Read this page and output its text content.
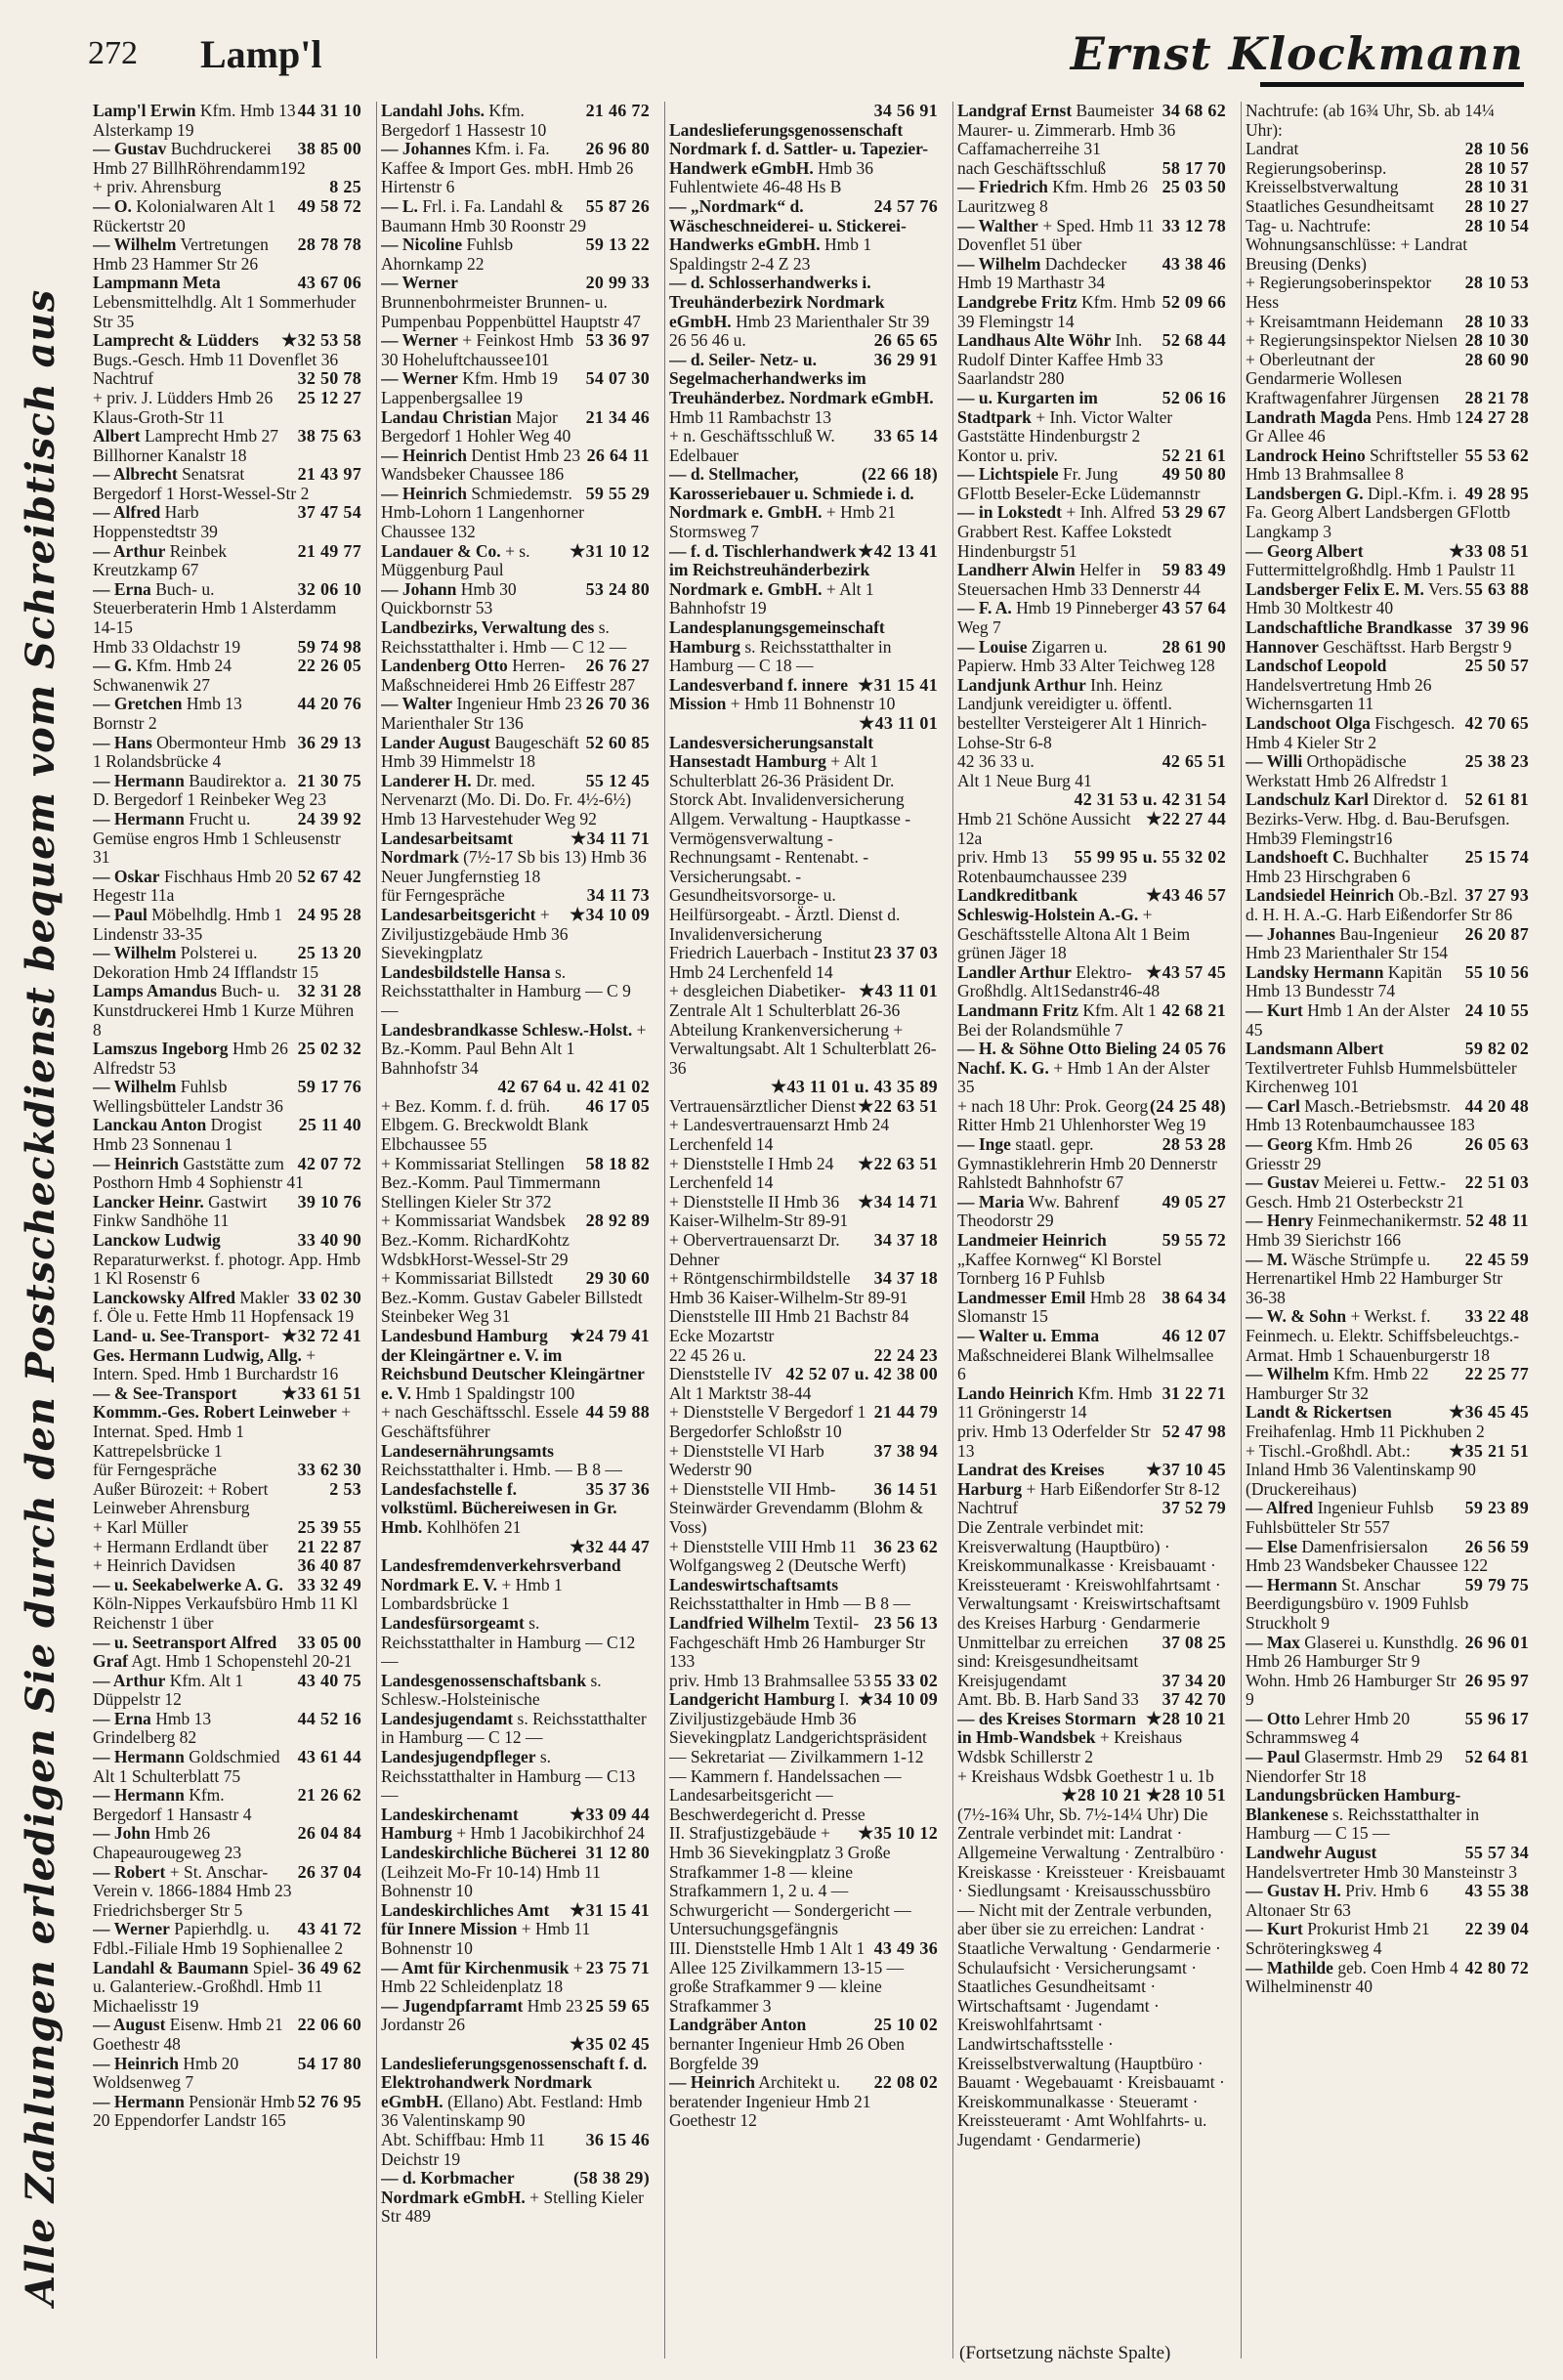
272 Lamp'l	Ernst Klockmann
Alle Zahlungen erledigen Sie durch den Postscheckdienst bequem vom Schreibtisch aus
44 31 10
Lamp'l Erwin Kfm. Hmb 13 Alsterkamp 19
38 85 00
— Gustav Buchdruckerei Hmb 27 BillhRöhrendamm192
8 25
+ priv. Ahrensburg
49 58 72
— O. Kolonialwaren Alt 1 Rückertstr 20
28 78 78
— Wilhelm Vertretungen Hmb 23 Hammer Str 26
43 67 06
Lampmann Meta Lebensmittelhdlg. Alt 1 Sommerhuder Str 35
★32 53 58
Lamprecht & Lüdders Bugs.-Gesch. Hmb 11 Dovenflet 36
32 50 78
Nachtruf
25 12 27
+ priv. J. Lüdders Hmb 26 Klaus-Groth-Str 11
38 75 63
Albert Lamprecht Hmb 27 Billhorner Kanalstr 18
21 43 97
— Albrecht Senatsrat Bergedorf 1 Horst-Wessel-Str 2
37 47 54
— Alfred Harb Hoppenstedtstr 39
21 49 77
— Arthur Reinbek Kreutzkamp 67
32 06 10
— Erna Buch- u. Steuerberaterin Hmb 1 Alsterdamm 14-15
59 74 98
Hmb 33 Oldachstr 19
22 26 05
— G. Kfm. Hmb 24 Schwanenwik 27
44 20 76
— Gretchen Hmb 13 Bornstr 2
36 29 13
— Hans Obermonteur Hmb 1 Rolandsbrücke 4
21 30 75
— Hermann Baudirektor a. D. Bergedorf 1 Reinbeker Weg 23
24 39 92
— Hermann Frucht u. Gemüse engros Hmb 1 Schleusenstr 31
52 67 42
— Oskar Fischhaus Hmb 20 Hegestr 11a
24 95 28
— Paul Möbelhdlg. Hmb 1 Lindenstr 33-35
25 13 20
— Wilhelm Polsterei u. Dekoration Hmb 24 Ifflandstr 15
32 31 28
Lamps Amandus Buch- u. Kunstdruckerei Hmb 1 Kurze Mühren 8
25 02 32
Lamszus Ingeborg Hmb 26 Alfredstr 53
59 17 76
— Wilhelm Fuhlsb Wellingsbütteler Landstr 36
25 11 40
Lanckau Anton Drogist Hmb 23 Sonnenau 1
42 07 72
— Heinrich Gaststätte zum Posthorn Hmb 4 Sophienstr 41
39 10 76
Lancker Heinr. Gastwirt Finkw Sandhöhe 11
33 40 90
Lanckow Ludwig Reparaturwerkst. f. photogr. App. Hmb 1 Kl Rosenstr 6
33 02 30
Lanckowsky Alfred Makler f. Öle u. Fette Hmb 11 Hopfensack 19
★32 72 41
Land- u. See-Transport-Ges. Hermann Ludwig, Allg. + Intern. Sped. Hmb 1 Burchardstr 16
★33 61 51
— & See-Transport Kommm.-Ges. Robert Leinweber + Internat. Sped. Hmb 1 Kattrepelsbrücke 1
33 62 30
für Ferngespräche
2 53
Außer Bürozeit: + Robert Leinweber Ahrensburg
25 39 55
+ Karl Müller
21 22 87
+ Hermann Erdlandt über
36 40 87
+ Heinrich Davidsen
33 32 49
— u. Seekabelwerke A. G. Köln-Nippes Verkaufsbüro Hmb 11 Kl Reichenstr 1 über
33 05 00
— u. Seetransport Alfred Graf Agt. Hmb 1 Schopenstehl 20-21
43 40 75
— Arthur Kfm. Alt 1 Düppelstr 12
44 52 16
— Erna Hmb 13 Grindelberg 82
43 61 44
— Hermann Goldschmied Alt 1 Schulterblatt 75
21 26 62
— Hermann Kfm. Bergedorf 1 Hansastr 4
26 04 84
— John Hmb 26 Chapeaurougeweg 23
26 37 04
— Robert + St. Anschar-Verein v. 1866-1884 Hmb 23 Friedrichsberger Str 5
43 41 72
— Werner Papierhdlg. u. Fdbl.-Filiale Hmb 19 Sophienallee 2
36 49 62
Landahl & Baumann Spiel- u. Galanteriew.-Großhdl. Hmb 11 Michaelisstr 19
22 06 60
— August Eisenw. Hmb 21 Goethestr 48
54 17 80
— Heinrich Hmb 20 Woldsenweg 7
52 76 95
— Hermann Pensionär Hmb 20 Eppendorfer Landstr 165
21 46 72
Landahl Johs. Kfm. Bergedorf 1 Hassestr 10
26 96 80
— Johannes Kfm. i. Fa. Kaffee & Import Ges. mbH. Hmb 26 Hirtenstr 6
55 87 26
— L. Frl. i. Fa. Landahl & Baumann Hmb 30 Roonstr 29
59 13 22
— Nicoline Fuhlsb Ahornkamp 22
20 99 33
— Werner Brunnenbohrmeister Brunnen- u. Pumpenbau Poppenbüttel Hauptstr 47
53 36 97
— Werner + Feinkost Hmb 30 Hoheluftchaussee101
54 07 30
— Werner Kfm. Hmb 19 Lappenbergsallee 19
21 34 46
Landau Christian Major Bergedorf 1 Hohler Weg 40
26 64 11
— Heinrich Dentist Hmb 23 Wandsbeker Chaussee 186
59 55 29
— Heinrich Schmiedemstr. Hmb-Lohorn 1 Langenhorner Chaussee 132
★31 10 12
Landauer & Co. + s. Müggenburg Paul
53 24 80
— Johann Hmb 30 Quickbornstr 53
Landbezirks, Verwaltung des s. Reichsstatthalter i. Hmb — C 12 —
26 76 27
Landenberg Otto Herren-Maßschneiderei Hmb 26 Eiffestr 287
26 70 36
— Walter Ingenieur Hmb 23 Marienthaler Str 136
52 60 85
Lander August Baugeschäft Hmb 39 Himmelstr 18
55 12 45
Landerer H. Dr. med. Nervenarzt (Mo. Di. Do. Fr. 4½-6½) Hmb 13 Harvestehuder Weg 92
★34 11 71
Landesarbeitsamt Nordmark (7½-17 Sb bis 13) Hmb 36 Neuer Jungfernstieg 18
34 11 73
für Ferngespräche
★34 10 09
Landesarbeitsgericht + Ziviljustizgebäude Hmb 36 Sievekingplatz
Landesbildstelle Hansa s. Reichsstatthalter in Hamburg — C 9 —
Landesbrandkasse Schlesw.-Holst. + Bz.-Komm. Paul Behn Alt 1 Bahnhofstr 34
42 67 64 u. 42 41 02
46 17 05
+ Bez. Komm. f. d. früh. Elbgem. G. Breckwoldt Blank Elbchaussee 55
58 18 82
+ Kommissariat Stellingen Bez.-Komm. Paul Timmermann Stellingen Kieler Str 372
28 92 89
+ Kommissariat Wandsbek Bez.-Komm. RichardKohtz WdsbkHorst-Wessel-Str 29
29 30 60
+ Kommissariat Billstedt Bez.-Komm. Gustav Gabeler Billstedt Steinbeker Weg 31
★24 79 41
Landesbund Hamburg der Kleingärtner e. V. im Reichsbund Deutscher Kleingärtner e. V. Hmb 1 Spaldingstr 100
44 59 88
+ nach Geschäftsschl. Essele Geschäftsführer
Landesernährungsamts Reichsstatthalter i. Hmb. — B 8 —
35 37 36
Landesfachstelle f. volkstüml. Büchereiwesen in Gr. Hmb. Kohlhöfen 21
★32 44 47
Landesfremdenverkehrsverband Nordmark E. V. + Hmb 1 Lombardsbrücke 1
Landesfürsorgeamt s. Reichsstatthalter in Hamburg — C12 —
Landesgenossenschaftsbank s. Schlesw.-Holsteinische
Landesjugendamt s. Reichsstatthalter in Hamburg — C 12 —
Landesjugendpfleger s. Reichsstatthalter in Hamburg — C13—
★33 09 44
Landeskirchenamt Hamburg + Hmb 1 Jacobikirchhof 24
31 12 80
Landeskirchliche Bücherei (Leihzeit Mo-Fr 10-14) Hmb 11 Bohnenstr 10
★31 15 41
Landeskirchliches Amt für Innere Mission + Hmb 11 Bohnenstr 10
23 75 71
— Amt für Kirchenmusik + Hmb 22 Schleidenplatz 18
25 59 65
— Jugendpfarramt Hmb 23 Jordanstr 26
★35 02 45
Landeslieferungsgenossenschaft f. d. Elektrohandwerk Nordmark eGmbH. (Ellano) Abt. Festland: Hmb 36 Valentinskamp 90
36 15 46
Abt. Schiffbau: Hmb 11 Deichstr 19
(58 38 29)
— d. Korbmacher Nordmark eGmbH. + Stelling Kieler Str 489
34 56 91
Landeslieferungsgenossenschaft Nordmark f. d. Sattler- u. Tapezier-Handwerk eGmbH. Hmb 36 Fuhlentwiete 46-48 Hs B
24 57 76
— „Nordmark“ d. Wäscheschneiderei- u. Stickerei-Handwerks eGmbH. Hmb 1 Spaldingstr 2-4 Z 23
— d. Schlosserhandwerks i. Treuhänderbezirk Nordmark eGmbH. Hmb 23 Marienthaler Str 39
26 65 65
26 56 46 u.
36 29 91
— d. Seiler- Netz- u. Segelmacherhandwerks im Treuhänderbez. Nordmark eGmbH. Hmb 11 Rambachstr 13
33 65 14
+ n. Geschäftsschluß W. Edelbauer
(22 66 18)
— d. Stellmacher, Karosseriebauer u. Schmiede i. d. Nordmark e. GmbH. + Hmb 21 Stormsweg 7
★42 13 41
— f. d. Tischlerhandwerk im Reichstreuhänderbezirk Nordmark e. GmbH. + Alt 1 Bahnhofstr 19
Landesplanungsgemeinschaft Hamburg s. Reichsstatthalter in Hamburg — C 18 —
★31 15 41
Landesverband f. innere Mission + Hmb 11 Bohnenstr 10
★43 11 01
Landesversicherungsanstalt Hansestadt Hamburg + Alt 1 Schulterblatt 26-36 Präsident Dr. Storck Abt. Invalidenversicherung Allgem. Verwaltung - Hauptkasse - Vermögensverwaltung - Rechnungsamt - Rentenabt. - Versicherungsabt. - Gesundheitsvorsorge- u. Heilfürsorgeabt. - Ärztl. Dienst d. Invalidenversicherung
23 37 03
Friedrich Lauerbach - Institut Hmb 24 Lerchenfeld 14
★43 11 01
+ desgleichen Diabetiker-Zentrale Alt 1 Schulterblatt 26-36
Abteilung Krankenversicherung + Verwaltungsabt. Alt 1 Schulterblatt 26-36
★43 11 01 u. 43 35 89
★22 63 51
Vertrauensärztlicher Dienst + Landesvertrauensarzt Hmb 24 Lerchenfeld 14
★22 63 51
+ Dienststelle I Hmb 24 Lerchenfeld 14
★34 14 71
+ Dienststelle II Hmb 36 Kaiser-Wilhelm-Str 89-91
34 37 18
+ Obervertrauensarzt Dr. Dehner
34 37 18
+ Röntgenschirmbildstelle Hmb 36 Kaiser-Wilhelm-Str 89-91
Dienststelle III Hmb 21 Bachstr 84 Ecke Mozartstr
22 24 23
22 45 26 u.
42 52 07 u. 42 38 00
Dienststelle IV Alt 1 Marktstr 38-44
21 44 79
+ Dienststelle V Bergedorf 1 Bergedorfer Schloßstr 10
37 38 94
+ Dienststelle VI Harb Wederstr 90
36 14 51
+ Dienststelle VII Hmb-Steinwärder Grevendamm (Blohm & Voss)
36 23 62
+ Dienststelle VIII Hmb 11 Wolfgangsweg 2 (Deutsche Werft)
Landeswirtschaftsamts Reichsstatthalter in Hmb — B 8 —
23 56 13
Landfried Wilhelm Textil-Fachgeschäft Hmb 26 Hamburger Str 133
55 33 02
priv. Hmb 13 Brahmsallee 53
★34 10 09
Landgericht Hamburg I. Ziviljustizgebäude Hmb 36 Sievekingplatz Landgerichtspräsident — Sekretariat — Zivilkammern 1-12 — Kammern f. Handelssachen — Landesarbeitsgericht — Beschwerdegericht d. Presse
★35 10 12
II. Strafjustizgebäude + Hmb 36 Sievekingplatz 3 Große Strafkammer 1-8 — kleine Strafkammern 1, 2 u. 4 — Schwurgericht — Sondergericht — Untersuchungsgefängnis
43 49 36
III. Dienststelle Hmb 1 Alt 1 Allee 125 Zivilkammern 13-15 — große Strafkammer 9 — kleine Strafkammer 3
25 10 02
Landgräber Anton bernanter Ingenieur Hmb 26 Oben Borgfelde 39
22 08 02
— Heinrich Architekt u. beratender Ingenieur Hmb 21 Goethestr 12
34 68 62
Landgraf Ernst Baumeister Maurer- u. Zimmerarb. Hmb 36 Caffamacherreihe 31
58 17 70
nach Geschäftsschluß
25 03 50
— Friedrich Kfm. Hmb 26 Lauritzweg 8
33 12 78
— Walther + Sped. Hmb 11 Dovenflet 51 über
43 38 46
— Wilhelm Dachdecker Hmb 19 Marthastr 34
52 09 66
Landgrebe Fritz Kfm. Hmb 39 Flemingstr 14
52 68 44
Landhaus Alte Wöhr Inh. Rudolf Dinter Kaffee Hmb 33 Saarlandstr 280
52 06 16
— u. Kurgarten im Stadtpark + Inh. Victor Walter Gaststätte Hindenburgstr 2
52 21 61
Kontor u. priv.
49 50 80
— Lichtspiele Fr. Jung GFlottb Beseler-Ecke Lüdemannstr
53 29 67
— in Lokstedt + Inh. Alfred Grabbert Rest. Kaffee Lokstedt Hindenburgstr 51
59 83 49
Landherr Alwin Helfer in Steuersachen Hmb 33 Dennerstr 44
43 57 64
— F. A. Hmb 19 Pinneberger Weg 7
28 61 90
— Louise Zigarren u. Papierw. Hmb 33 Alter Teichweg 128
Landjunk Arthur Inh. Heinz Landjunk vereidigter u. öffentl. bestellter Versteigerer Alt 1 Hinrich-Lohse-Str 6-8
42 65 51
42 36 33 u.
Alt 1 Neue Burg 41
42 31 53 u. 42 31 54
★22 27 44
Hmb 21 Schöne Aussicht 12a
55 99 95 u. 55 32 02
priv. Hmb 13 Rotenbaumchaussee 239
★43 46 57
Landkreditbank Schleswig-Holstein A.-G. + Geschäftsstelle Altona Alt 1 Beim grünen Jäger 18
★43 57 45
Landler Arthur Elektro-Großhdlg. Alt1Sedanstr46-48
42 68 21
Landmann Fritz Kfm. Alt 1 Bei der Rolandsmühle 7
24 05 76
— H. & Söhne Otto Bieling Nachf. K. G. + Hmb 1 An der Alster 35
(24 25 48)
+ nach 18 Uhr: Prok. Georg Ritter Hmb 21 Uhlenhorster Weg 19
28 53 28
— Inge staatl. gepr. Gymnastiklehrerin Hmb 20 Dennerstr Rahlstedt Bahnhofstr 67
49 05 27
— Maria Ww. Bahrenf Theodorstr 29
59 55 72
Landmeier Heinrich „Kaffee Kornweg“ Kl Borstel Tornberg 16 P Fuhlsb
38 64 34
Landmesser Emil Hmb 28 Slomanstr 15
46 12 07
— Walter u. Emma Maßschneiderei Blank Wilhelmsallee 6
31 22 71
Lando Heinrich Kfm. Hmb 11 Gröningerstr 14
52 47 98
priv. Hmb 13 Oderfelder Str 13
★37 10 45
Landrat des Kreises Harburg + Harb Eißendorfer Str 8-12
37 52 79
Nachtruf
Die Zentrale verbindet mit: Kreisverwaltung (Hauptbüro) · Kreiskommunalkasse · Kreisbauamt · Kreissteueramt · Kreiswohlfahrtsamt · Verwaltungsamt · Kreiswirtschaftsamt des Kreises Harburg · Gendarmerie
37 08 25
Unmittelbar zu erreichen sind: Kreisgesundheitsamt
37 34 20
Kreisjugendamt
37 42 70
Amt. Bb. B. Harb Sand 33
★28 10 21
— des Kreises Stormarn in Hmb-Wandsbek + Kreishaus Wdsbk Schillerstr 2
+ Kreishaus Wdsbk Goethestr 1 u. 1b
★28 10 21 ★28 10 51
(7½-16¾ Uhr, Sb. 7½-14¼ Uhr) Die Zentrale verbindet mit: Landrat · Allgemeine Verwaltung · Zentralbüro · Kreiskasse · Kreissteuer · Kreisbauamt · Siedlungsamt · Kreisausschussbüro — Nicht mit der Zentrale verbunden, aber über sie zu erreichen: Landrat · Staatliche Verwaltung · Gendarmerie · Schulaufsicht · Versicherungsamt · Staatliches Gesundheitsamt · Wirtschaftsamt · Jugendamt · Kreiswohlfahrtsamt · Landwirtschaftsstelle · Kreisselbstverwaltung (Hauptbüro · Bauamt · Wegebauamt · Kreisbauamt · Kreiskommunalkasse · Steueramt · Kreissteueramt · Amt Wohlfahrts- u. Jugendamt · Gendarmerie)
Nachtrufe: (ab 16¾ Uhr, Sb. ab 14¼ Uhr):
28 10 56
Landrat
28 10 57
Regierungsoberinsp.
28 10 31
Kreisselbstverwaltung
28 10 27
Staatliches Gesundheitsamt
28 10 54
Tag- u. Nachtrufe: Wohnungsanschlüsse: + Landrat Breusing (Denks)
28 10 53
+ Regierungsoberinspektor Hess
28 10 33
+ Kreisamtmann Heidemann
28 10 30
+ Regierungsinspektor Nielsen
28 60 90
+ Oberleutnant der Gendarmerie Wollesen
28 21 78
Kraftwagenfahrer Jürgensen
24 27 28
Landrath Magda Pens. Hmb 1 Gr Allee 46
55 53 62
Landrock Heino Schriftsteller Hmb 13 Brahmsallee 8
49 28 95
Landsbergen G. Dipl.-Kfm. i. Fa. Georg Albert Landsbergen GFlottb Langkamp 3
★33 08 51
— Georg Albert Futtermittelgroßhdlg. Hmb 1 Paulstr 11
55 63 88
Landsberger Felix E. M. Vers. Hmb 30 Moltkestr 40
37 39 96
Landschaftliche Brandkasse Hannover Geschäftsst. Harb Bergstr 9
25 50 57
Landschof Leopold Handelsvertretung Hmb 26 Wichernsgarten 11
42 70 65
Landschoot Olga Fischgesch. Hmb 4 Kieler Str 2
25 38 23
— Willi Orthopädische Werkstatt Hmb 26 Alfredstr 1
52 61 81
Landschulz Karl Direktor d. Bezirks-Verw. Hbg. d. Bau-Berufsgen. Hmb39 Flemingstr16
25 15 74
Landshoeft C. Buchhalter Hmb 23 Hirschgraben 6
37 27 93
Landsiedel Heinrich Ob.-Bzl. d. H. H. A.-G. Harb Eißendorfer Str 86
26 20 87
— Johannes Bau-Ingenieur Hmb 23 Marienthaler Str 154
55 10 56
Landsky Hermann Kapitän Hmb 13 Bundesstr 74
24 10 55
— Kurt Hmb 1 An der Alster 45
59 82 02
Landsmann Albert Textilvertreter Fuhlsb Hummelsbütteler Kirchenweg 101
44 20 48
— Carl Masch.-Betriebsmstr. Hmb 13 Rotenbaumchaussee 183
26 05 63
— Georg Kfm. Hmb 26 Griesstr 29
22 51 03
— Gustav Meierei u. Fettw.-Gesch. Hmb 21 Osterbeckstr 21
52 48 11
— Henry Feinmechanikermstr. Hmb 39 Sierichstr 166
22 45 59
— M. Wäsche Strümpfe u. Herrenartikel Hmb 22 Hamburger Str 36-38
33 22 48
— W. & Sohn + Werkst. f. Feinmech. u. Elektr. Schiffsbeleuchtgs.-Armat. Hmb 1 Schauenburgerstr 18
22 25 77
— Wilhelm Kfm. Hmb 22 Hamburger Str 32
★36 45 45
Landt & Rickertsen Freihafenlag. Hmb 11 Pickhuben 2
★35 21 51
+ Tischl.-Großhdl. Abt.: Inland Hmb 36 Valentinskamp 90 (Druckereihaus)
59 23 89
— Alfred Ingenieur Fuhlsb Fuhlsbütteler Str 557
26 56 59
— Else Damenfrisiersalon Hmb 23 Wandsbeker Chaussee 122
59 79 75
— Hermann St. Anschar Beerdigungsbüro v. 1909 Fuhlsb Struckholt 9
26 96 01
— Max Glaserei u. Kunsthdlg. Hmb 26 Hamburger Str 9
26 95 97
Wohn. Hmb 26 Hamburger Str 9
55 96 17
— Otto Lehrer Hmb 20 Schrammsweg 4
52 64 81
— Paul Glasermstr. Hmb 29 Niendorfer Str 18
Landungsbrücken Hamburg-Blankenese s. Reichsstatthalter in Hamburg — C 15 —
55 57 34
Landwehr August Handelsvertreter Hmb 30 Mansteinstr 3
43 55 38
— Gustav H. Priv. Hmb 6 Altonaer Str 63
22 39 04
— Kurt Prokurist Hmb 21 Schröteringksweg 4
42 80 72
— Mathilde geb. Coen Hmb 4 Wilhelminenstr 40
(Fortsetzung nächste Spalte)
